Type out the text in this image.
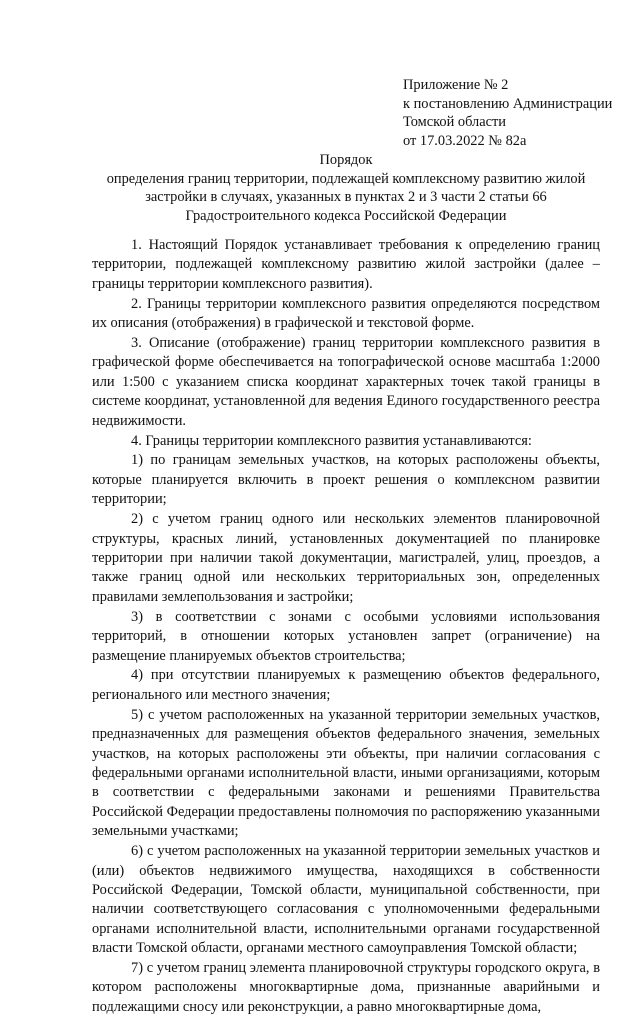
Приложение № 2
к постановлению Администрации
Томской области
от 17.03.2022 № 82а
Порядок
определения границ территории, подлежащей комплексному развитию жилой застройки в случаях, указанных в пунктах 2 и 3 части 2 статьи 66 Градостроительного кодекса Российской Федерации

1. Настоящий Порядок устанавливает требования к определению границ территории, подлежащей комплексному развитию жилой застройки (далее – границы территории комплексного развития).

2. Границы территории комплексного развития определяются посредством их описания (отображения) в графической и текстовой форме.

3. Описание (отображение) границ территории комплексного развития в графической форме обеспечивается на топографической основе масштаба 1:2000 или 1:500 с указанием списка координат характерных точек такой границы в системе координат, установленной для ведения Единого государственного реестра недвижимости.

4. Границы территории комплексного развития устанавливаются:

1) по границам земельных участков, на которых расположены объекты, которые планируется включить в проект решения о комплексном развитии территории;

2) с учетом границ одного или нескольких элементов планировочной структуры, красных линий, установленных документацией по планировке территории при наличии такой документации, магистралей, улиц, проездов, а также границ одной или нескольких территориальных зон, определенных правилами землепользования и застройки;

3) в соответствии с зонами с особыми условиями использования территорий, в отношении которых установлен запрет (ограничение) на размещение планируемых объектов строительства;

4) при отсутствии планируемых к размещению объектов федерального, регионального или местного значения;

5) с учетом расположенных на указанной территории земельных участков, предназначенных для размещения объектов федерального значения, земельных участков, на которых расположены эти объекты, при наличии согласования с федеральными органами исполнительной власти, иными организациями, которым в соответствии с федеральными законами и решениями Правительства Российской Федерации предоставлены полномочия по распоряжению указанными земельными участками;

6) с учетом расположенных на указанной территории земельных участков и (или) объектов недвижимого имущества, находящихся в собственности Российской Федерации, Томской области, муниципальной собственности, при наличии соответствующего согласования с уполномоченными федеральными органами исполнительной власти, исполнительными органами государственной власти Томской области, органами местного самоуправления Томской области;

7) с учетом границ элемента планировочной структуры городского округа, в котором расположены многоквартирные дома, признанные аварийными и подлежащими сносу или реконструкции, а равно многоквартирные дома,
